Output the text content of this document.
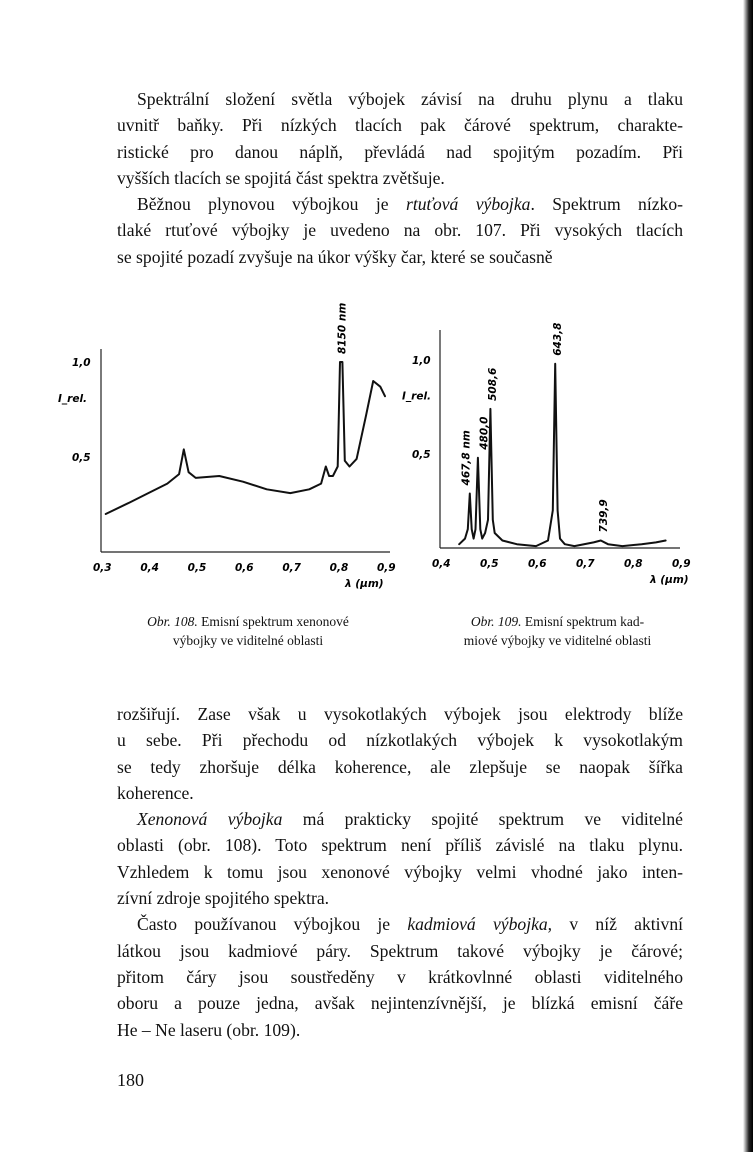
Spektrální složení světla výbojek závisí na druhu plynu a tlaku
uvnitř baňky. Při nízkých tlacích pak čárové spektrum, charakte-
ristické pro danou náplň, převládá nad spojitým pozadím. Při
vyšších tlacích se spojitá část spektra zvětšuje.
Běžnou plynovou výbojkou je rtuťová výbojka. Spektrum nízko-
tlaké rtuťové výbojky je uvedeno na obr. 107. Při vysokých tlacích
se spojité pozadí zvyšuje na úkor výšky čar, které se současně
0,3	0,4	0,5	0,6	0,7	0,8	0,9
0,5
1,0
I_rel.
λ (μm)
8150 nm
0,4	0,5	0,6	0,7	0,8	0,9
0,5
1,0
I_rel.
λ (μm)
467,8 nm 480,0
508,6
643,8
739,9
Obr. 108. Emisní spektrum xenonové
výbojky ve viditelné oblasti
Obr. 109. Emisní spektrum kad-
miové výbojky ve viditelné oblasti
rozšiřují. Zase však u vysokotlakých výbojek jsou elektrody blíže
u sebe. Při přechodu od nízkotlakých výbojek k vysokotlakým
se tedy zhoršuje délka koherence, ale zlepšuje se naopak šířka
koherence.
Xenonová výbojka má prakticky spojité spektrum ve viditelné
oblasti (obr. 108). Toto spektrum není příliš závislé na tlaku plynu.
Vzhledem k tomu jsou xenonové výbojky velmi vhodné jako inten-
zívní zdroje spojitého spektra.
Často používanou výbojkou je kadmiová výbojka, v níž aktivní
látkou jsou kadmiové páry. Spektrum takové výbojky je čárové;
přitom čáry jsou soustředěny v krátkovlnné oblasti viditelného
oboru a pouze jedna, avšak nejintenzívnější, je blízká emisní čáře
He – Ne laseru (obr. 109).
180
